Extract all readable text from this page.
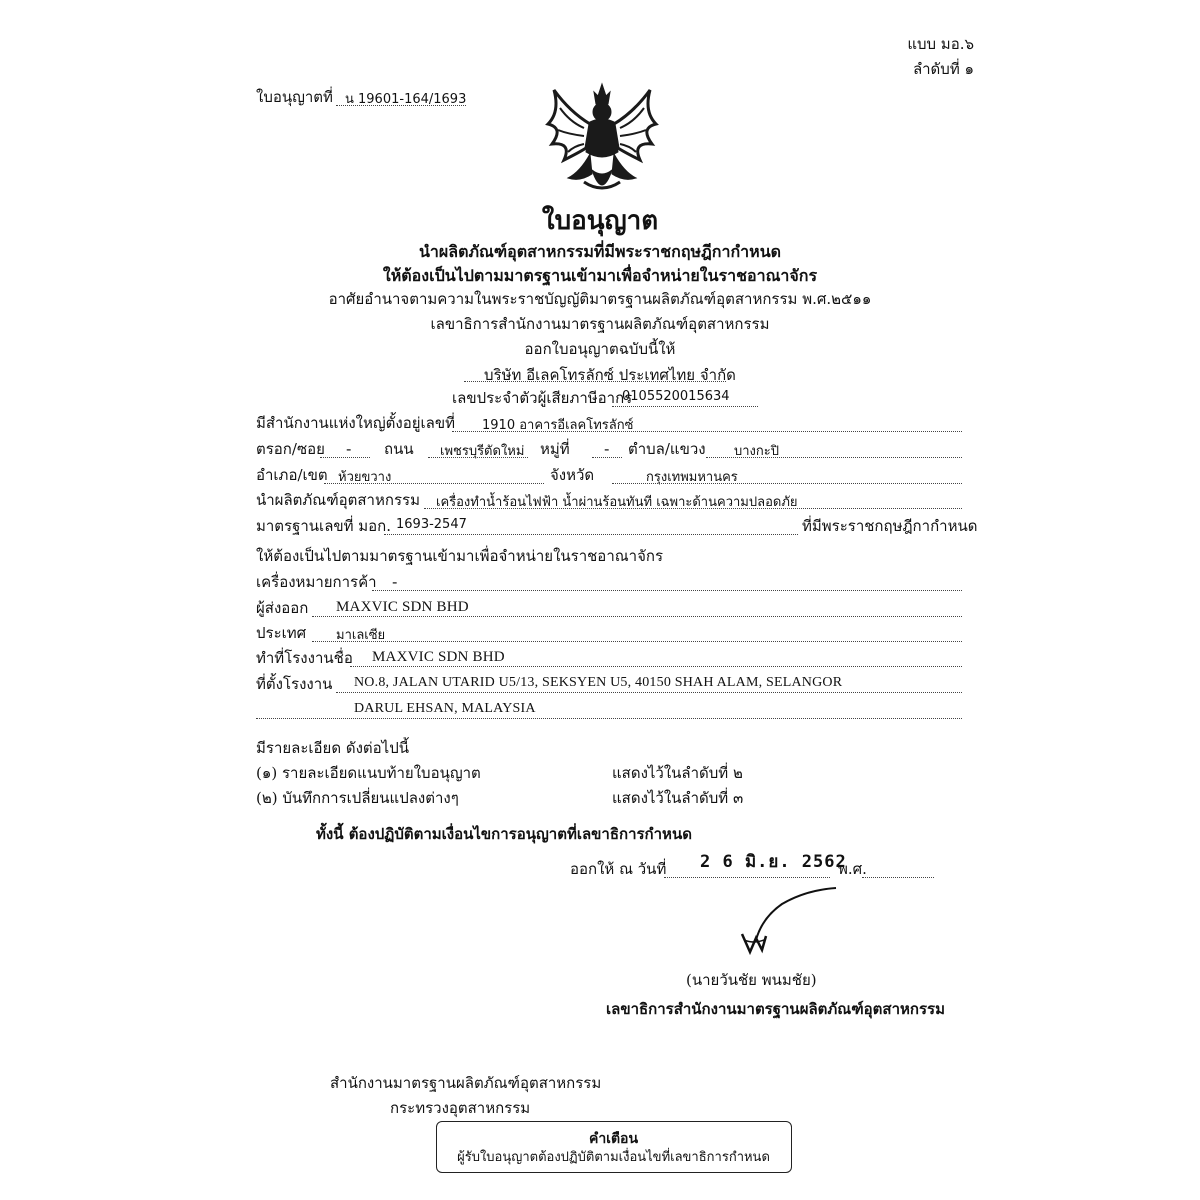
แบบ มอ.๖
ลำดับที่ ๑
ใบอนุญาตที่ น 19601-164/1693
ใบอนุญาต
นำผลิตภัณฑ์อุตสาหกรรมที่มีพระราชกฤษฎีกากำหนด
ให้ต้องเป็นไปตามมาตรฐานเข้ามาเพื่อจำหน่ายในราชอาณาจักร
อาศัยอำนาจตามความในพระราชบัญญัติมาตรฐานผลิตภัณฑ์อุตสาหกรรม พ.ศ.๒๕๑๑
เลขาธิการสำนักงานมาตรฐานผลิตภัณฑ์อุตสาหกรรม
ออกใบอนุญาตฉบับนี้ให้
บริษัท อีเลคโทรลักซ์ ประเทศไทย จำกัด
เลขประจำตัวผู้เสียภาษีอากร
0105520015634
มีสำนักงานแห่งใหญ่ตั้งอยู่เลขที่ 1910 อาคารอีเลคโทรลักซ์
ตรอก/ซอย - ถนน เพชรบุรีตัดใหม่ หมู่ที่ - ตำบล/แขวง บางกะปิ
อำเภอ/เขต ห้วยขวาง	จังหวัด	กรุงเทพมหานคร
นำผลิตภัณฑ์อุตสาหกรรม เครื่องทำน้ำร้อนไฟฟ้า น้ำผ่านร้อนทันที เฉพาะด้านความปลอดภัย
มาตรฐานเลขที่ มอก. 1693-2547	ที่มีพระราชกฤษฎีกากำหนด
ให้ต้องเป็นไปตามมาตรฐานเข้ามาเพื่อจำหน่ายในราชอาณาจักร
เครื่องหมายการค้า -
ผู้ส่งออก MAXVIC SDN BHD
ประเทศ มาเลเซีย
ทำที่โรงงานชื่อ MAXVIC SDN BHD
ที่ตั้งโรงงาน NO.8, JALAN UTARID U5/13, SEKSYEN U5, 40150 SHAH ALAM, SELANGOR
DARUL EHSAN, MALAYSIA
มีรายละเอียด ดังต่อไปนี้
(๑) รายละเอียดแนบท้ายใบอนุญาต	แสดงไว้ในลำดับที่ ๒
(๒) บันทึกการเปลี่ยนแปลงต่างๆ	แสดงไว้ในลำดับที่ ๓
ทั้งนี้ ต้องปฏิบัติตามเงื่อนไขการอนุญาตที่เลขาธิการกำหนด
ออกให้ ณ วันที่ 2 6 มิ.ย. 2562
พ.ศ.
(นายวันชัย พนมชัย)
เลขาธิการสำนักงานมาตรฐานผลิตภัณฑ์อุตสาหกรรม
สำนักงานมาตรฐานผลิตภัณฑ์อุตสาหกรรม
กระทรวงอุตสาหกรรม
คำเตือน
ผู้รับใบอนุญาตต้องปฏิบัติตามเงื่อนไขที่เลขาธิการกำหนด
